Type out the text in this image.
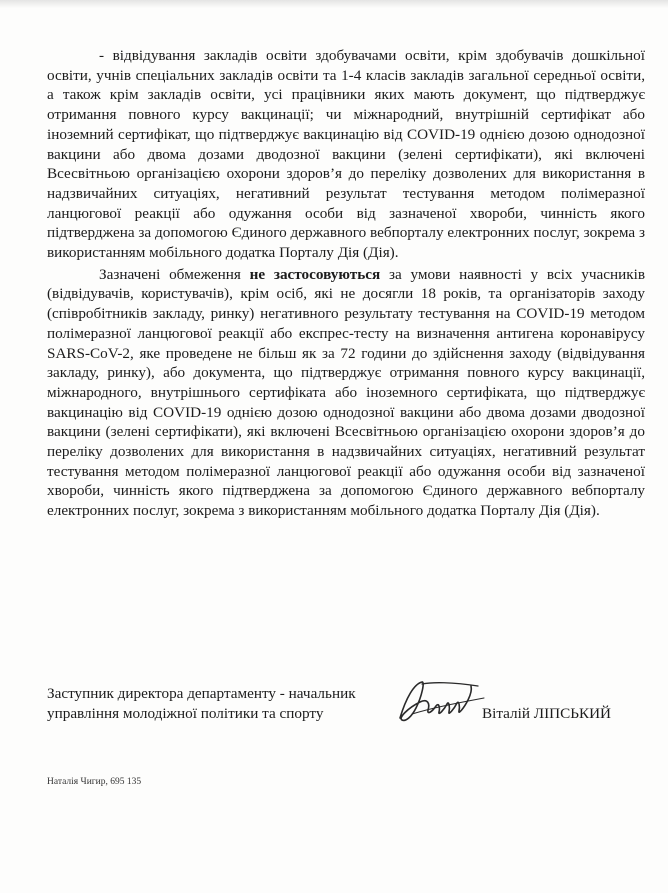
- відвідування закладів освіти здобувачами освіти, крім здобувачів дошкільної освіти, учнів спеціальних закладів освіти та 1-4 класів закладів загальної середньої освіти, а також крім закладів освіти, усі працівники яких мають документ, що підтверджує отримання повного курсу вакцинації; чи міжнародний, внутрішній сертифікат або іноземний сертифікат, що підтверджує вакцинацію від COVID-19 однією дозою однодозної вакцини або двома дозами дводозної вакцини (зелені сертифікати), які включені Всесвітньою організацією охорони здоров’я до переліку дозволених для використання в надзвичайних ситуаціях, негативний результат тестування методом полімеразної ланцюгової реакції або одужання особи від зазначеної хвороби, чинність якого підтверджена за допомогою Єдиного державного вебпорталу електронних послуг, зокрема з використанням мобільного додатка Порталу Дія (Дія).

Зазначені обмеження не застосовуються за умови наявності у всіх учасників (відвідувачів, користувачів), крім осіб, які не досягли 18 років, та організаторів заходу (співробітників закладу, ринку) негативного результату тестування на COVID-19 методом полімеразної ланцюгової реакції або експрес-тесту на визначення антигена коронавірусу SARS-CoV-2, яке проведене не більш як за 72 години до здійснення заходу (відвідування закладу, ринку), або документа, що підтверджує отримання повного курсу вакцинації, міжнародного, внутрішнього сертифіката або іноземного сертифіката, що підтверджує вакцинацію від COVID-19 однією дозою однодозної вакцини або двома дозами дводозної вакцини (зелені сертифікати), які включені Всесвітньою організацією охорони здоров’я до переліку дозволених для використання в надзвичайних ситуаціях, негативний результат тестування методом полімеразної ланцюгової реакції або одужання особи від зазначеної хвороби, чинність якого підтверджена за допомогою Єдиного державного вебпорталу електронних послуг, зокрема з використанням мобільного додатка Порталу Дія (Дія).

Заступник директора департаменту - начальник
управління молодіжної політики та спорту	Віталій ЛІПСЬКИЙ
Наталія Чигир, 695 135
